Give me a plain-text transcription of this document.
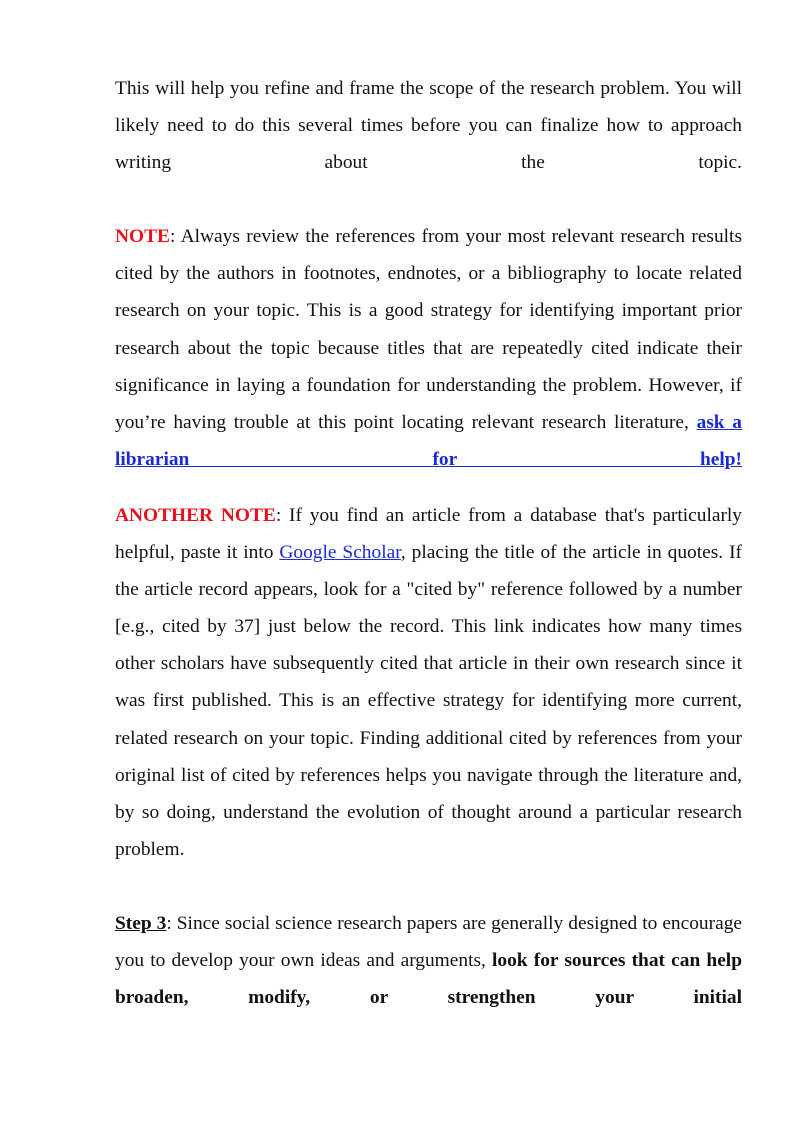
This will help you refine and frame the scope of the research problem. You will likely need to do this several times before you can finalize how to approach writing about the topic.

NOTE: Always review the references from your most relevant research results cited by the authors in footnotes, endnotes, or a bibliography to locate related research on your topic. This is a good strategy for identifying important prior research about the topic because titles that are repeatedly cited indicate their significance in laying a foundation for understanding the problem. However, if you’re having trouble at this point locating relevant research literature, ask a librarian for help!

ANOTHER NOTE: If you find an article from a database that's particularly helpful, paste it into Google Scholar, placing the title of the article in quotes. If the article record appears, look for a "cited by" reference followed by a number [e.g., cited by 37] just below the record. This link indicates how many times other scholars have subsequently cited that article in their own research since it was first published. This is an effective strategy for identifying more current, related research on your topic. Finding additional cited by references from your original list of cited by references helps you navigate through the literature and, by so doing, understand the evolution of thought around a particular research problem.

Step 3: Since social science research papers are generally designed to encourage you to develop your own ideas and arguments, look for sources that can help broaden, modify, or strengthen your initial
